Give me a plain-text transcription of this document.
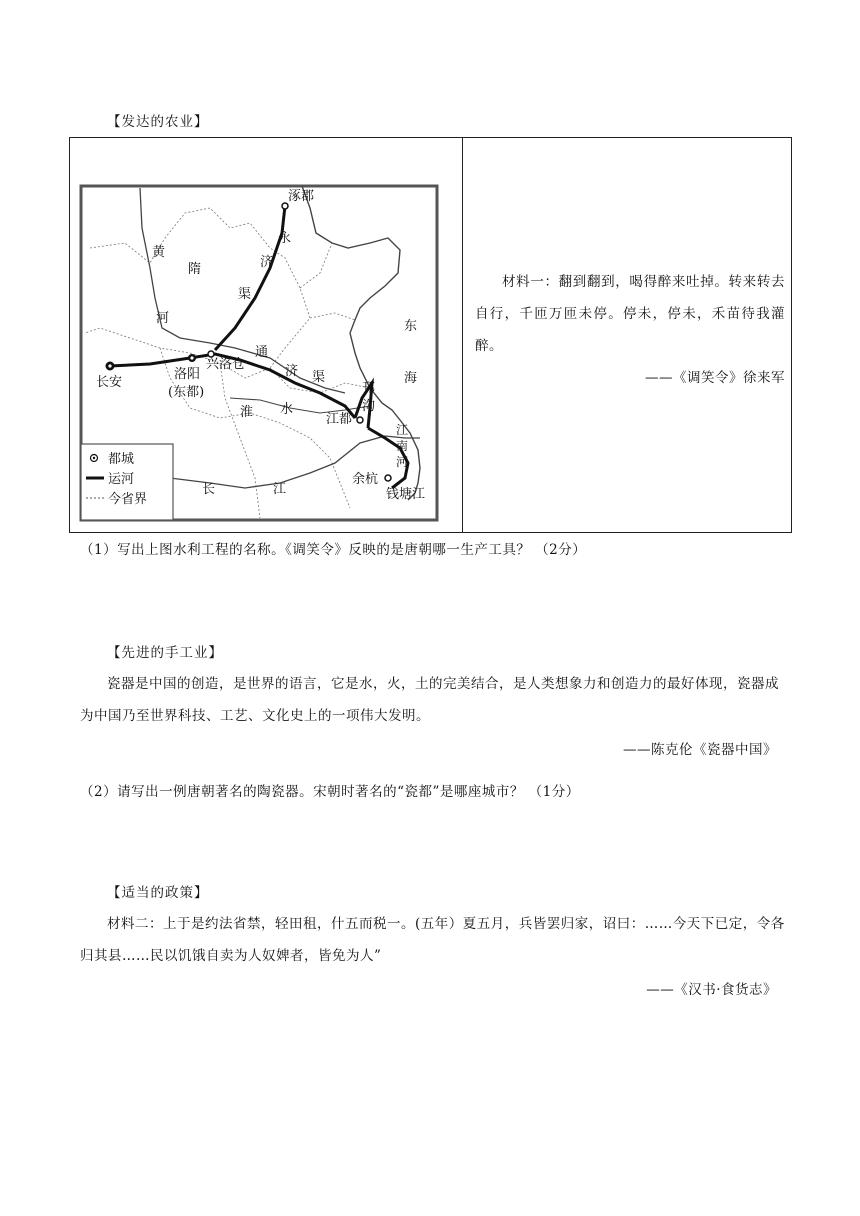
【发达的农业】
涿郡
永
济
渠
黄
河
隋
长安
洛阳
(东都)
兴洛仓
通
济 渠
邗
沟
淮 水
江都
江
南
河
余杭
钱塘江
长	江
东
海
都城
运河
今省界

材料一：翻到翻到，喝得醉来吐掉。转来转去自行，千匝万匝未停。停未，停未，禾苗待我灌醉。
——《调笑令》徐来军
（1）写出上图水利工程的名称。《调笑令》反映的是唐朝哪一生产工具？ （2分）
【先进的手工业】
瓷器是中国的创造，是世界的语言，它是水，火，土的完美结合，是人类想象力和创造力的最好体现，瓷器成为中国乃至世界科技、工艺、文化史上的一项伟大发明。
——陈克伦《瓷器中国》
（2）请写出一例唐朝著名的陶瓷器。宋朝时著名的“瓷都”是哪座城市？ （1分）
【适当的政策】
材料二：上于是约法省禁，轻田租，什五而税一。(五年）夏五月，兵皆罢归家，诏曰：……今天下已定，令各归其县……民以饥饿自卖为人奴婢者，皆免为人”
——《汉书·食货志》
